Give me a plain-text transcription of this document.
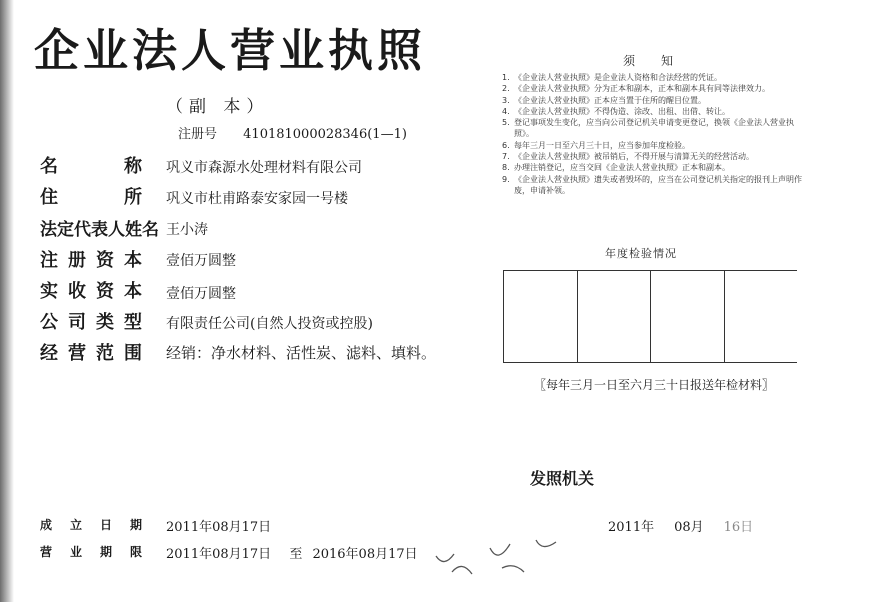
企业法人营业执照
（副 本）
注册号 410181000028346(1—1)
名	称 巩义市森源水处理材料有限公司
住	所 巩义市杜甫路泰安家园一号楼
法定代表人姓名 王小涛
注 册 资 本 壹佰万圆整
实 收 资 本 壹佰万圆整
公 司 类 型 有限责任公司(自然人投资或控股)
经 营 范 围 经销：净水材料、活性炭、滤料、填料。
须知
1. 《企业法人营业执照》是企业法人资格和合法经营的凭证。
2. 《企业法人营业执照》分为正本和副本，正本和副本具有同等法律效力。
3. 《企业法人营业执照》正本应当置于住所的醒目位置。
4. 《企业法人营业执照》不得伪造、涂改、出租、出借、转让。
5. 登记事项发生变化，应当向公司登记机关申请变更登记，换领《企业法人营业执照》。
6. 每年三月一日至六月三十日，应当参加年度检验。
7. 《企业法人营业执照》被吊销后，不得开展与清算无关的经营活动。
8. 办理注销登记，应当交回《企业法人营业执照》正本和副本。
9. 《企业法人营业执照》遗失或者毁坏的，应当在公司登记机关指定的报刊上声明作废，申请补领。
年度检验情况
〖每年三月一日至六月三十日报送年检材料〗
发照机关
成 立 日 期 2011年08月17日
营 业 期 限 2011年08月17日 至 2016年08月17日
2011年 08月 16日
